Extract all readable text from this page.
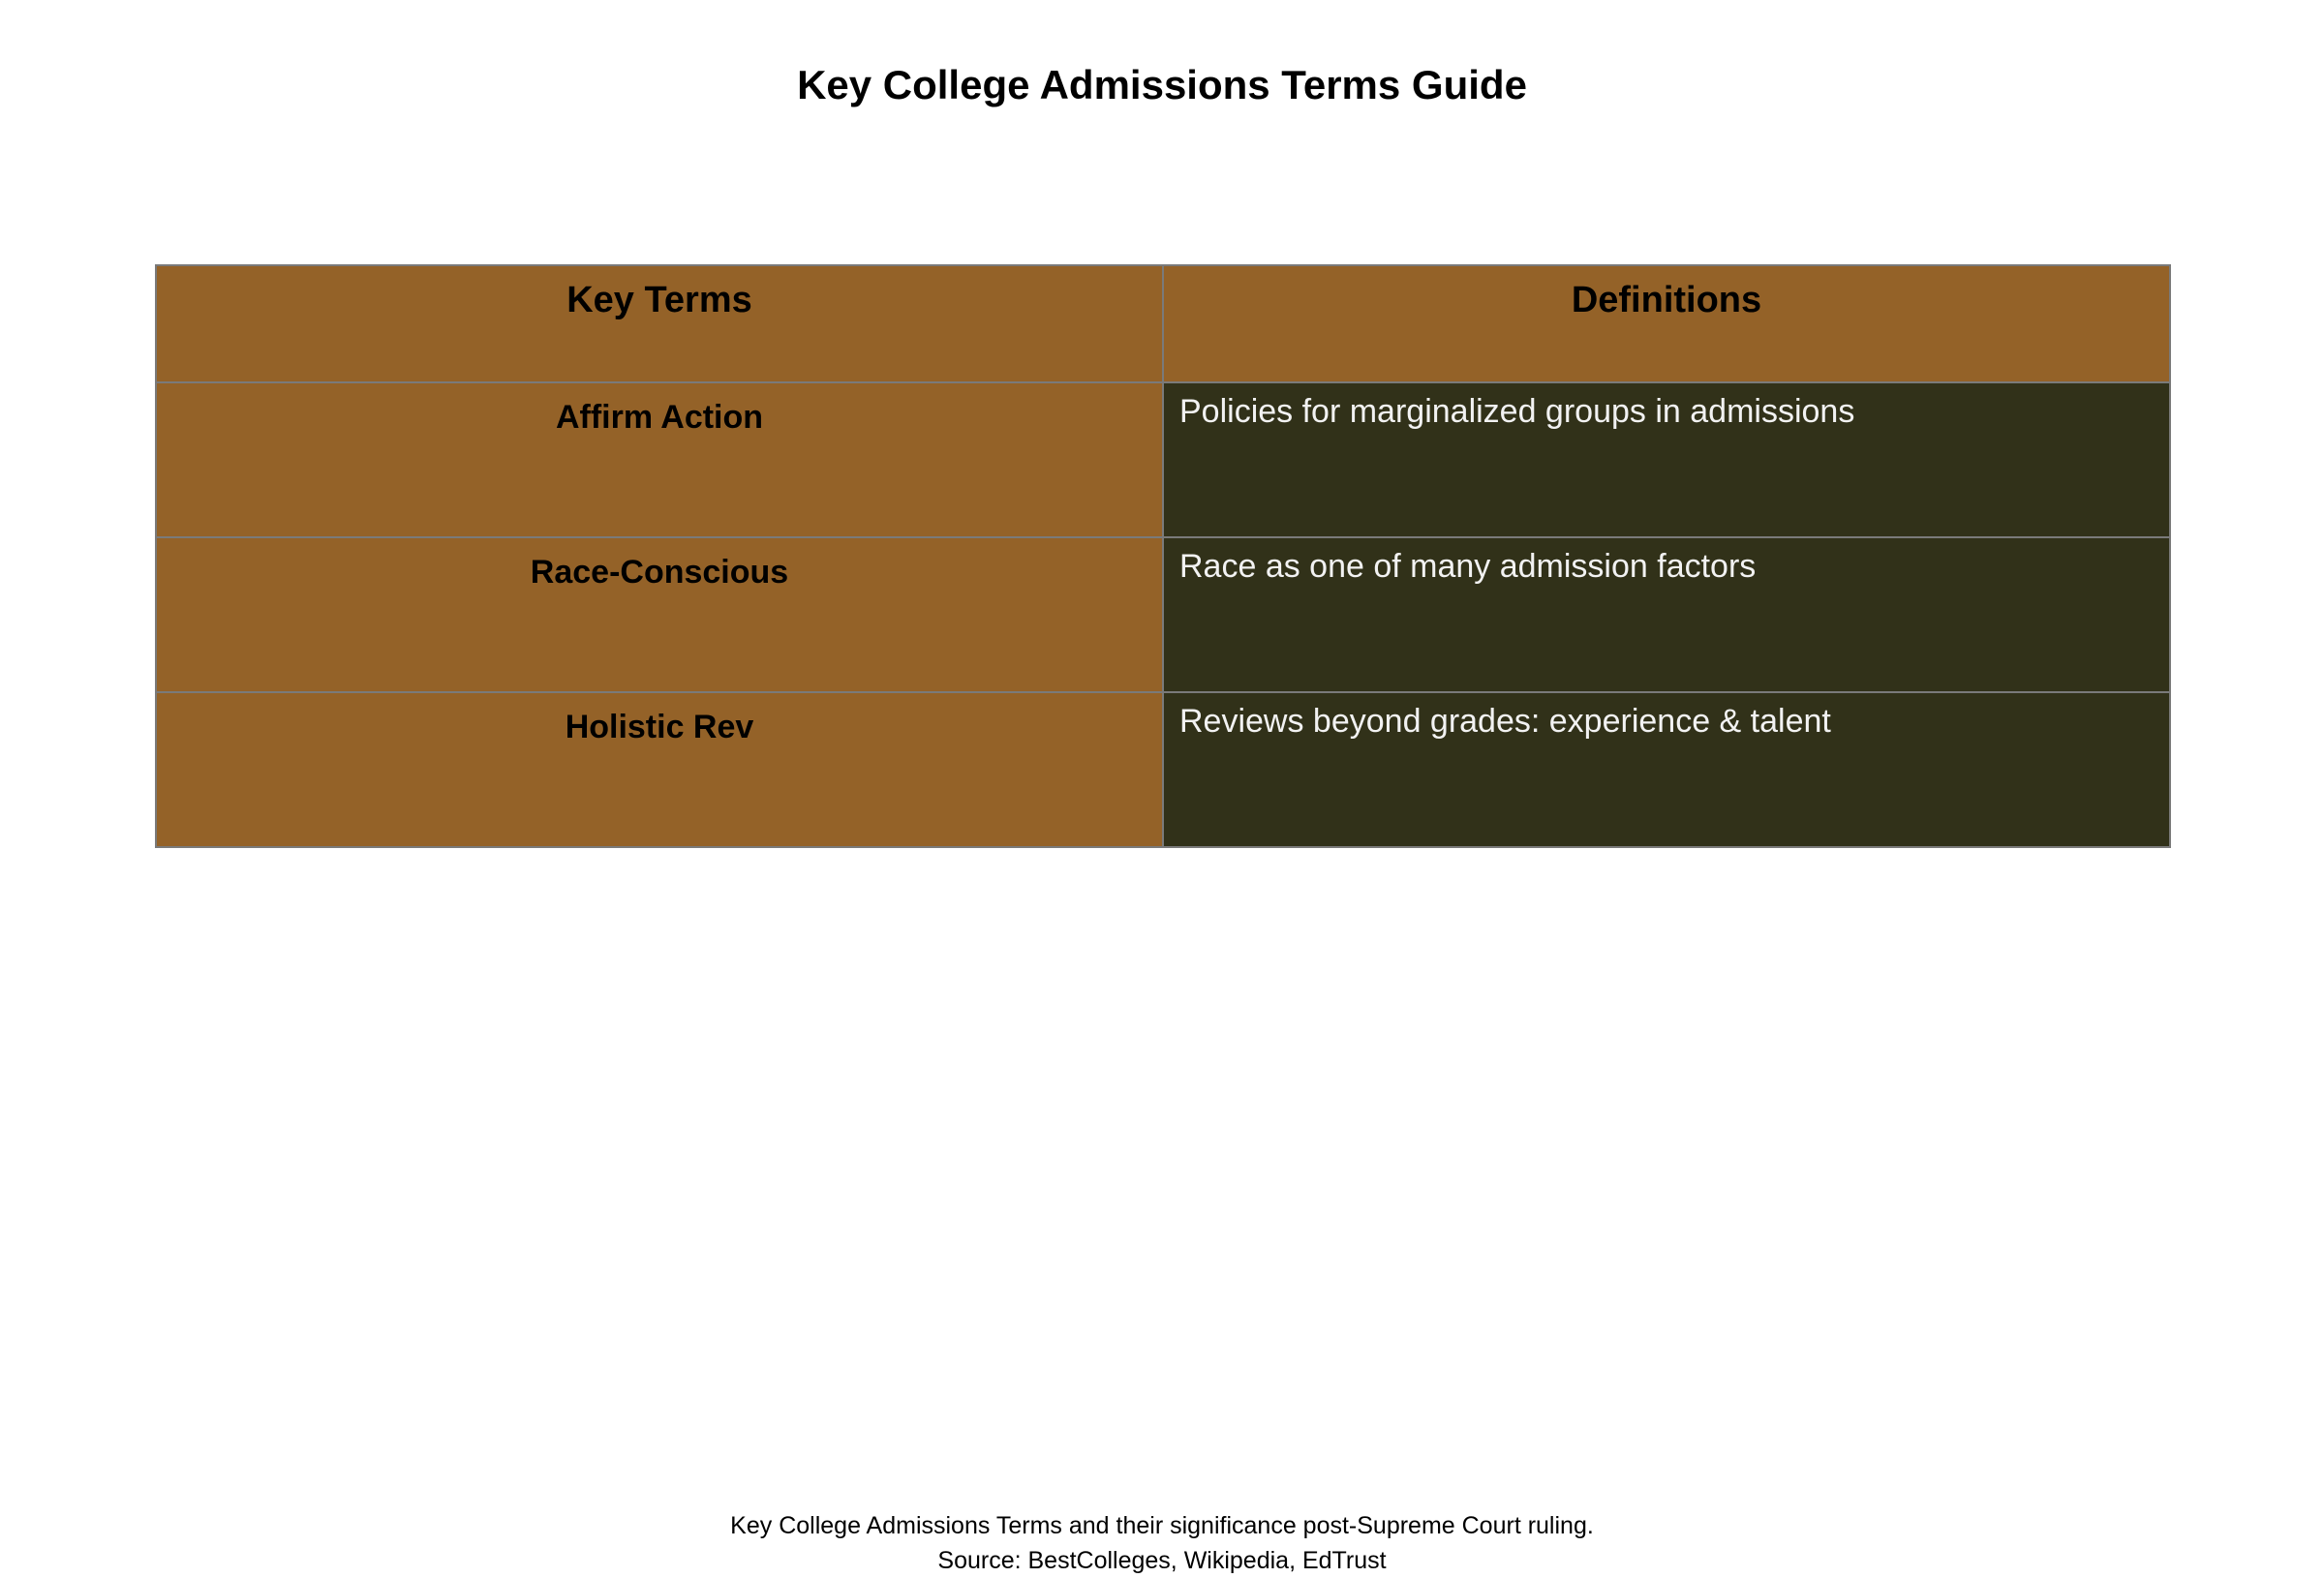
Key College Admissions Terms Guide
Key Terms	Definitions
Affirm Action	Policies for marginalized groups in admissions
Race-Conscious	Race as one of many admission factors
Holistic Rev	Reviews beyond grades: experience & talent
Key College Admissions Terms and their significance post-Supreme Court ruling.
Source: BestColleges, Wikipedia, EdTrust
